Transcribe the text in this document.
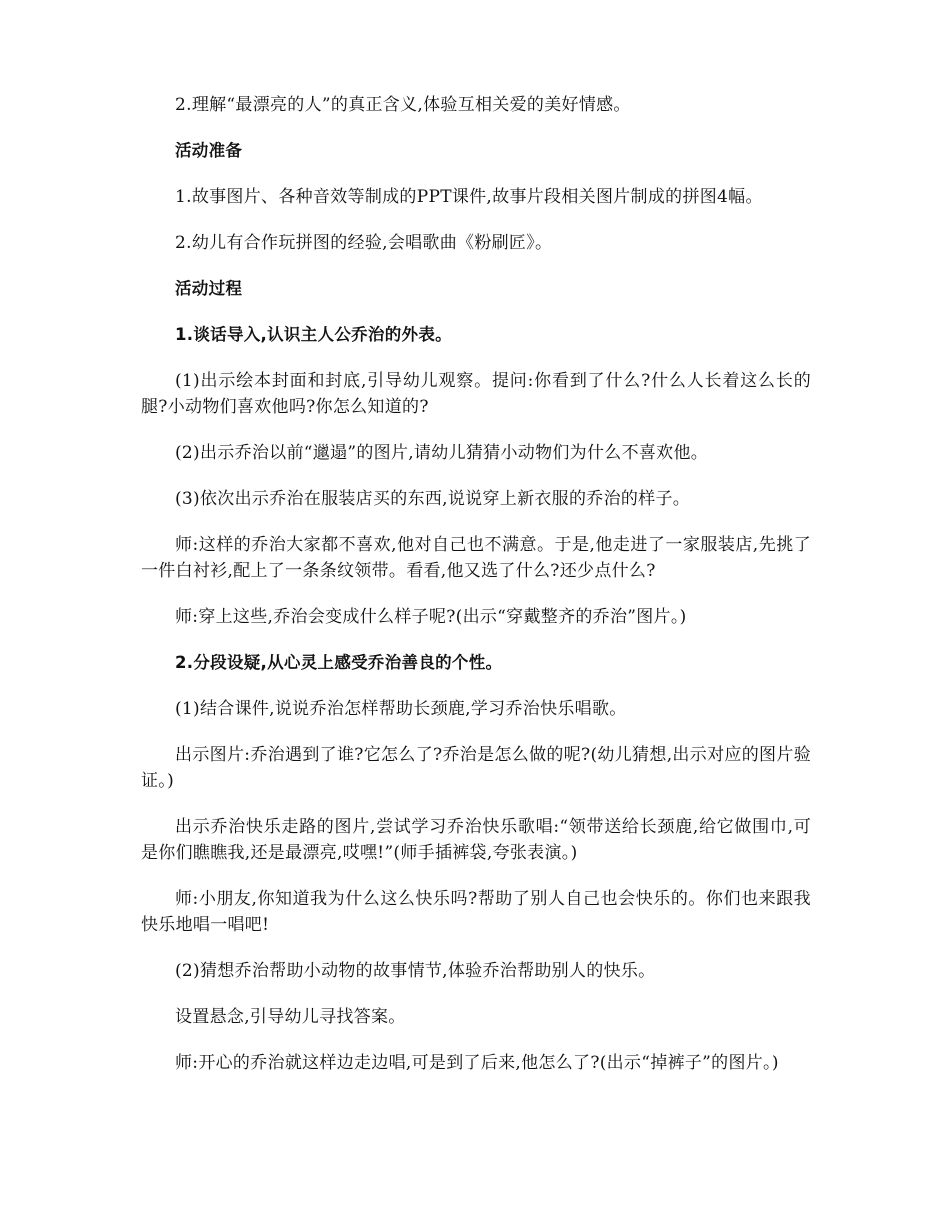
2.理解“最漂亮的人”的真正含义,体验互相关爱的美好情感。

活动准备

1.故事图片、各种音效等制成的PPT课件,故事片段相关图片制成的拼图4幅。

2.幼儿有合作玩拼图的经验,会唱歌曲《粉刷匠》。

活动过程

1.谈话导入,认识主人公乔治的外表。

(1)出示绘本封面和封底,引导幼儿观察。提问:你看到了什么?什么人长着这么长的腿?小动物们喜欢他吗?你怎么知道的?

(2)出示乔治以前“邋遢”的图片,请幼儿猜猜小动物们为什么不喜欢他。

(3)依次出示乔治在服装店买的东西,说说穿上新衣服的乔治的样子。

师:这样的乔治大家都不喜欢,他对自己也不满意。于是,他走进了一家服装店,先挑了一件白衬衫,配上了一条条纹领带。看看,他又选了什么?还少点什么?

师:穿上这些,乔治会变成什么样子呢?(出示“穿戴整齐的乔治”图片。)

2.分段设疑,从心灵上感受乔治善良的个性。

(1)结合课件,说说乔治怎样帮助长颈鹿,学习乔治快乐唱歌。

出示图片:乔治遇到了谁?它怎么了?乔治是怎么做的呢?(幼儿猜想,出示对应的图片验证。)

出示乔治快乐走路的图片,尝试学习乔治快乐歌唱:“领带送给长颈鹿,给它做围巾,可是你们瞧瞧我,还是最漂亮,哎嘿!”(师手插裤袋,夸张表演。)

师:小朋友,你知道我为什么这么快乐吗?帮助了别人自己也会快乐的。你们也来跟我快乐地唱一唱吧!

(2)猜想乔治帮助小动物的故事情节,体验乔治帮助别人的快乐。

设置悬念,引导幼儿寻找答案。

师:开心的乔治就这样边走边唱,可是到了后来,他怎么了?(出示“掉裤子”的图片。)
